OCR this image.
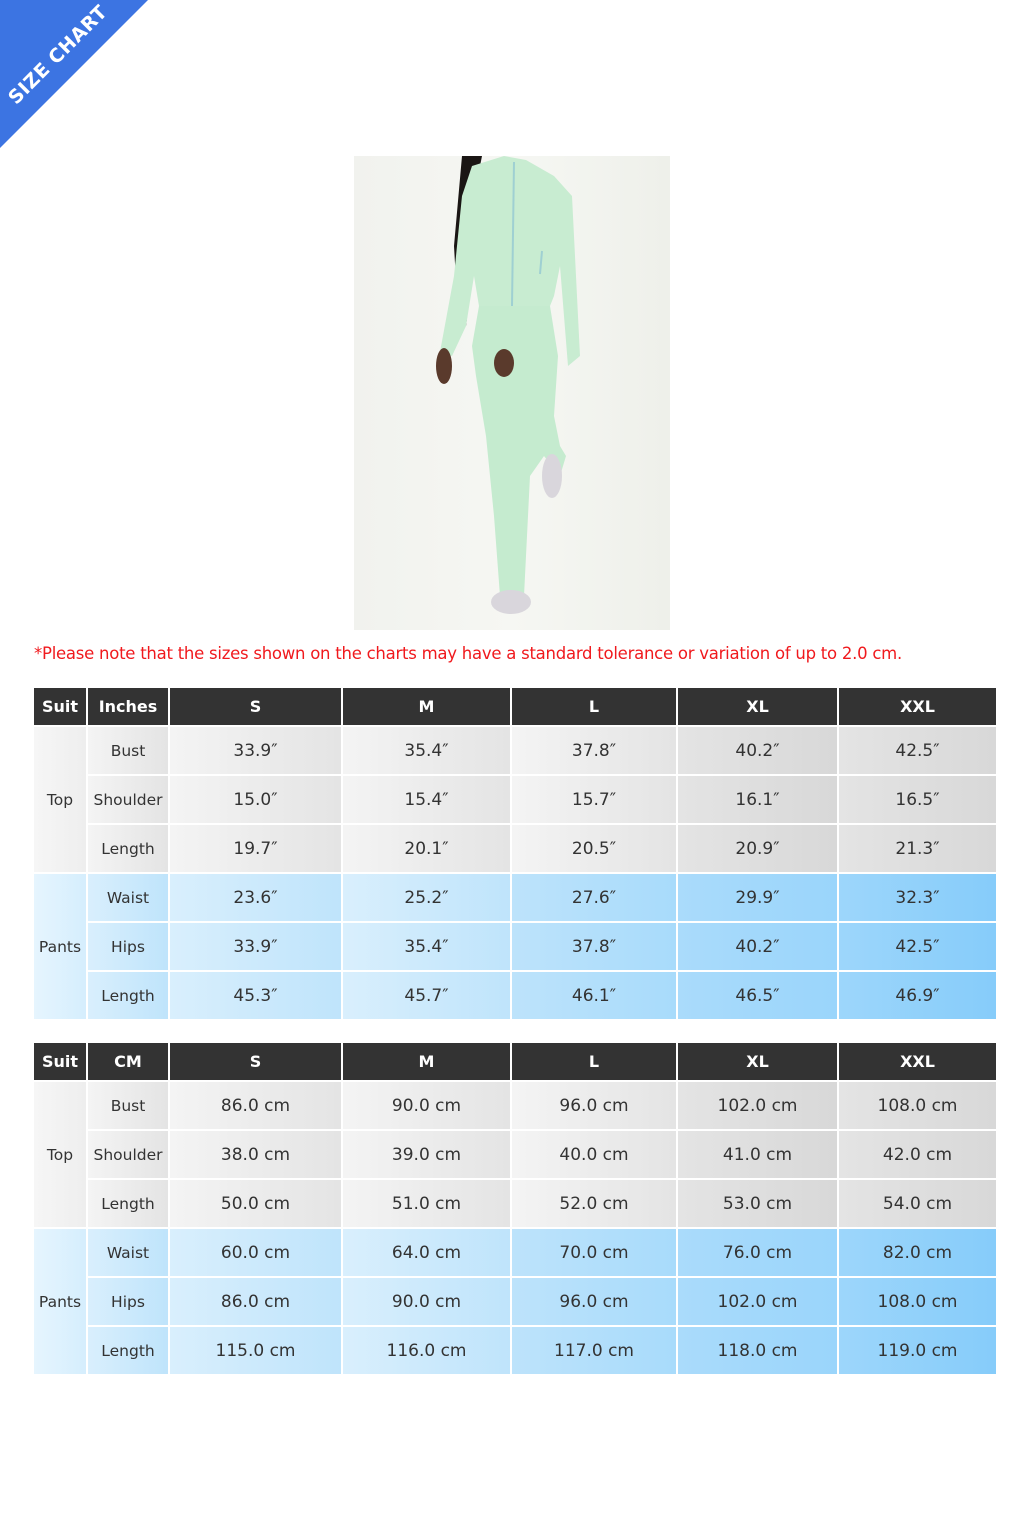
SIZE CHART
*Please note that the sizes shown on the charts may have a standard tolerance or variation of up to 2.0 cm.
Suit	Inches	S	M	L	XL	XXL
Top	Bust	33.9″	35.4″	37.8″	40.2″	42.5″
	Shoulder	15.0″	15.4″	15.7″	16.1″	16.5″
	Length	19.7″	20.1″	20.5″	20.9″	21.3″
Pants	Waist	23.6″	25.2″	27.6″	29.9″	32.3″
	Hips	33.9″	35.4″	37.8″	40.2″	42.5″
	Length	45.3″	45.7″	46.1″	46.5″	46.9″
Suit	CM	S	M	L	XL	XXL
Top	Bust	86.0 cm	90.0 cm	96.0 cm	102.0 cm	108.0 cm
	Shoulder	38.0 cm	39.0 cm	40.0 cm	41.0 cm	42.0 cm
	Length	50.0 cm	51.0 cm	52.0 cm	53.0 cm	54.0 cm
Pants	Waist	60.0 cm	64.0 cm	70.0 cm	76.0 cm	82.0 cm
	Hips	86.0 cm	90.0 cm	96.0 cm	102.0 cm	108.0 cm
	Length	115.0 cm	116.0 cm	117.0 cm	118.0 cm	119.0 cm
